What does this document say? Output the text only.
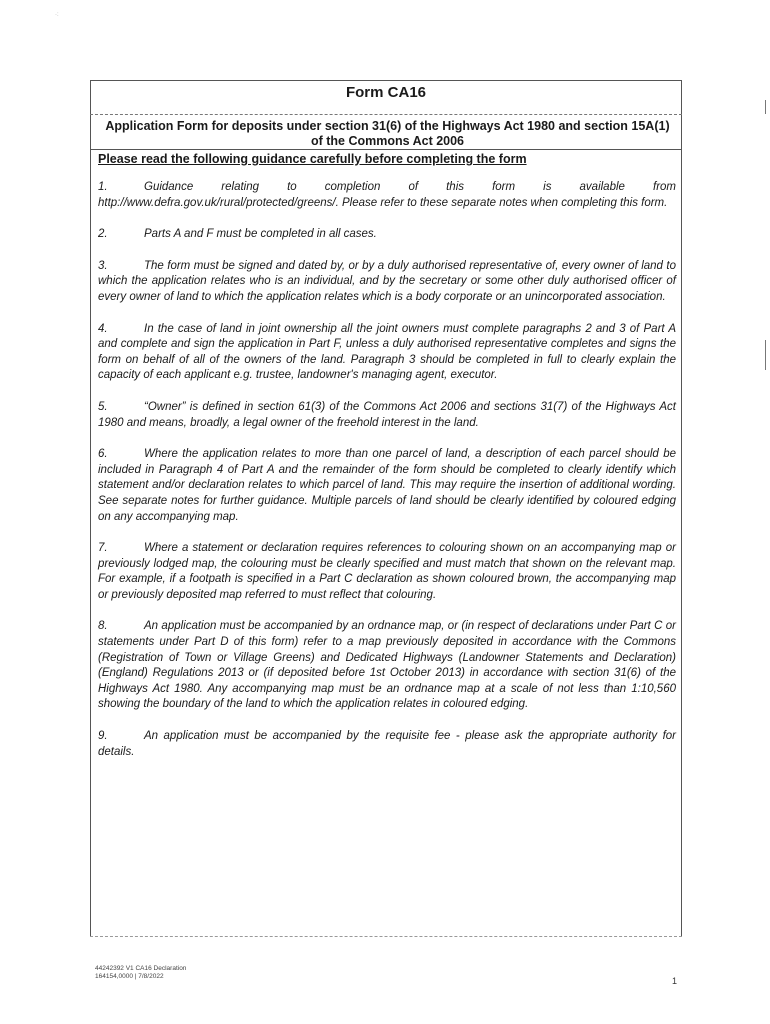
·:
Form CA16
Application Form for deposits under section 31(6) of the Highways Act 1980 and section 15A(1) of the Commons Act 2006
Please read the following guidance carefully before completing the form
1.	Guidance relating to completion of this form is available from http://www.defra.gov.uk/rural/protected/greens/. Please refer to these separate notes when completing this form.
2.	Parts A and F must be completed in all cases.
3.	The form must be signed and dated by, or by a duly authorised representative of, every owner of land to which the application relates who is an individual, and by the secretary or some other duly authorised officer of every owner of land to which the application relates which is a body corporate or an unincorporated association.
4.	In the case of land in joint ownership all the joint owners must complete paragraphs 2 and 3 of Part A and complete and sign the application in Part F, unless a duly authorised representative completes and signs the form on behalf of all of the owners of the land. Paragraph 3 should be completed in full to clearly explain the capacity of each applicant e.g. trustee, landowner's managing agent, executor.
5.	“Owner” is defined in section 61(3) of the Commons Act 2006 and sections 31(7) of the Highways Act 1980 and means, broadly, a legal owner of the freehold interest in the land.
6.	Where the application relates to more than one parcel of land, a description of each parcel should be included in Paragraph 4 of Part A and the remainder of the form should be completed to clearly identify which statement and/or declaration relates to which parcel of land. This may require the insertion of additional wording. See separate notes for further guidance. Multiple parcels of land should be clearly identified by coloured edging on any accompanying map.
7.	Where a statement or declaration requires references to colouring shown on an accompanying map or previously lodged map, the colouring must be clearly specified and must match that shown on the relevant map. For example, if a footpath is specified in a Part C declaration as shown coloured brown, the accompanying map or previously deposited map referred to must reflect that colouring.
8.	An application must be accompanied by an ordnance map, or (in respect of declarations under Part C or statements under Part D of this form) refer to a map previously deposited in accordance with the Commons (Registration of Town or Village Greens) and Dedicated Highways (Landowner Statements and Declaration) (England) Regulations 2013 or (if deposited before 1st October 2013) in accordance with section 31(6) of the Highways Act 1980. Any accompanying map must be an ordnance map at a scale of not less than 1:10,560 showing the boundary of the land to which the application relates in coloured edging.
9.	An application must be accompanied by the requisite fee - please ask the appropriate authority for details.
44242392 V1 CA16 Declaration
164154,0000 | 7/8/2022	1
